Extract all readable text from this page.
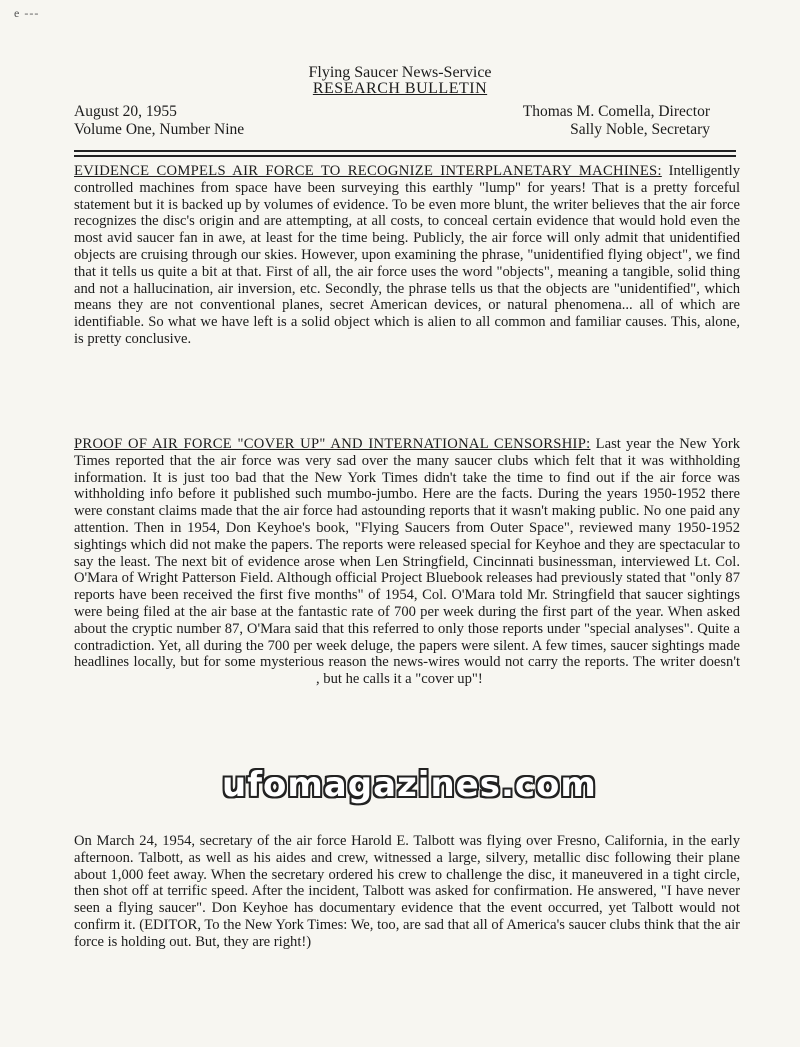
e ---
Flying Saucer News-Service
RESEARCH BULLETIN
August 20, 1955
Volume One, Number Nine
Thomas M. Comella, Director
Sally Noble, Secretary

EVIDENCE COMPELS AIR FORCE TO RECOGNIZE INTERPLANETARY MACHINES: Intelligently controlled machines from space have been surveying this earthly "lump" for years! That is a pretty forceful statement but it is backed up by volumes of evidence. To be even more blunt, the writer believes that the air force recognizes the disc's origin and are attempting, at all costs, to conceal certain evidence that would hold even the most avid saucer fan in awe, at least for the time being. Publicly, the air force will only admit that unidentified objects are cruising through our skies. However, upon examining the phrase, "unidentified flying object", we find that it tells us quite a bit at that. First of all, the air force uses the word "objects", meaning a tangible, solid thing and not a hallucination, air inversion, etc. Secondly, the phrase tells us that the objects are "unidentified", which means they are not conventional planes, secret American devices, or natural phenomena... all of which are identifiable. So what we have left is a solid object which is alien to all common and familiar causes. This, alone, is pretty conclusive.

PROOF OF AIR FORCE "COVER UP" AND INTERNATIONAL CENSORSHIP: Last year the New York Times reported that the air force was very sad over the many saucer clubs which felt that it was withholding information. It is just too bad that the New York Times didn't take the time to find out if the air force was withholding info before it published such mumbo-jumbo. Here are the facts. During the years 1950-1952 there were constant claims made that the air force had astounding reports that it wasn't making public. No one paid any attention. Then in 1954, Don Keyhoe's book, "Flying Saucers from Outer Space", reviewed many 1950-1952 sightings which did not make the papers. The reports were released special for Keyhoe and they are spectacular to say the least. The next bit of evidence arose when Len Stringfield, Cincinnati businessman, interviewed Lt. Col. O'Mara of Wright Patterson Field. Although official Project Bluebook releases had previously stated that "only 87 reports have been received the first five months" of 1954, Col. O'Mara told Mr. Stringfield that saucer sightings were being filed at the air base at the fantastic rate of 700 per week during the first part of the year. When asked about the cryptic number 87, O'Mara said that this referred to only those reports under "special analyses". Quite a contradiction. Yet, all during the 700 per week deluge, the papers were silent. A few times, saucer sightings made headlines locally, but for some mysterious reason the news-wires would not carry the reports. The writer doesn't, but he calls it a "cover up"!

On March 24, 1954, secretary of the air force Harold E. Talbott was flying over Fresno, California, in the early afternoon. Talbott, as well as his aides and crew, witnessed a large, silvery, metallic disc following their plane about 1,000 feet away. When the secretary ordered his crew to challenge the disc, it maneuvered in a tight circle, then shot off at terrific speed. After the incident, Talbott was asked for confirmation. He answered, "I have never seen a flying saucer". Don Keyhoe has documentary evidence that the event occurred, yet Talbott would not confirm it. (EDITOR, To the New York Times: We, too, are sad that all of America's saucer clubs think that the air force is holding out. But, they are right!)

ufomagazines.com
